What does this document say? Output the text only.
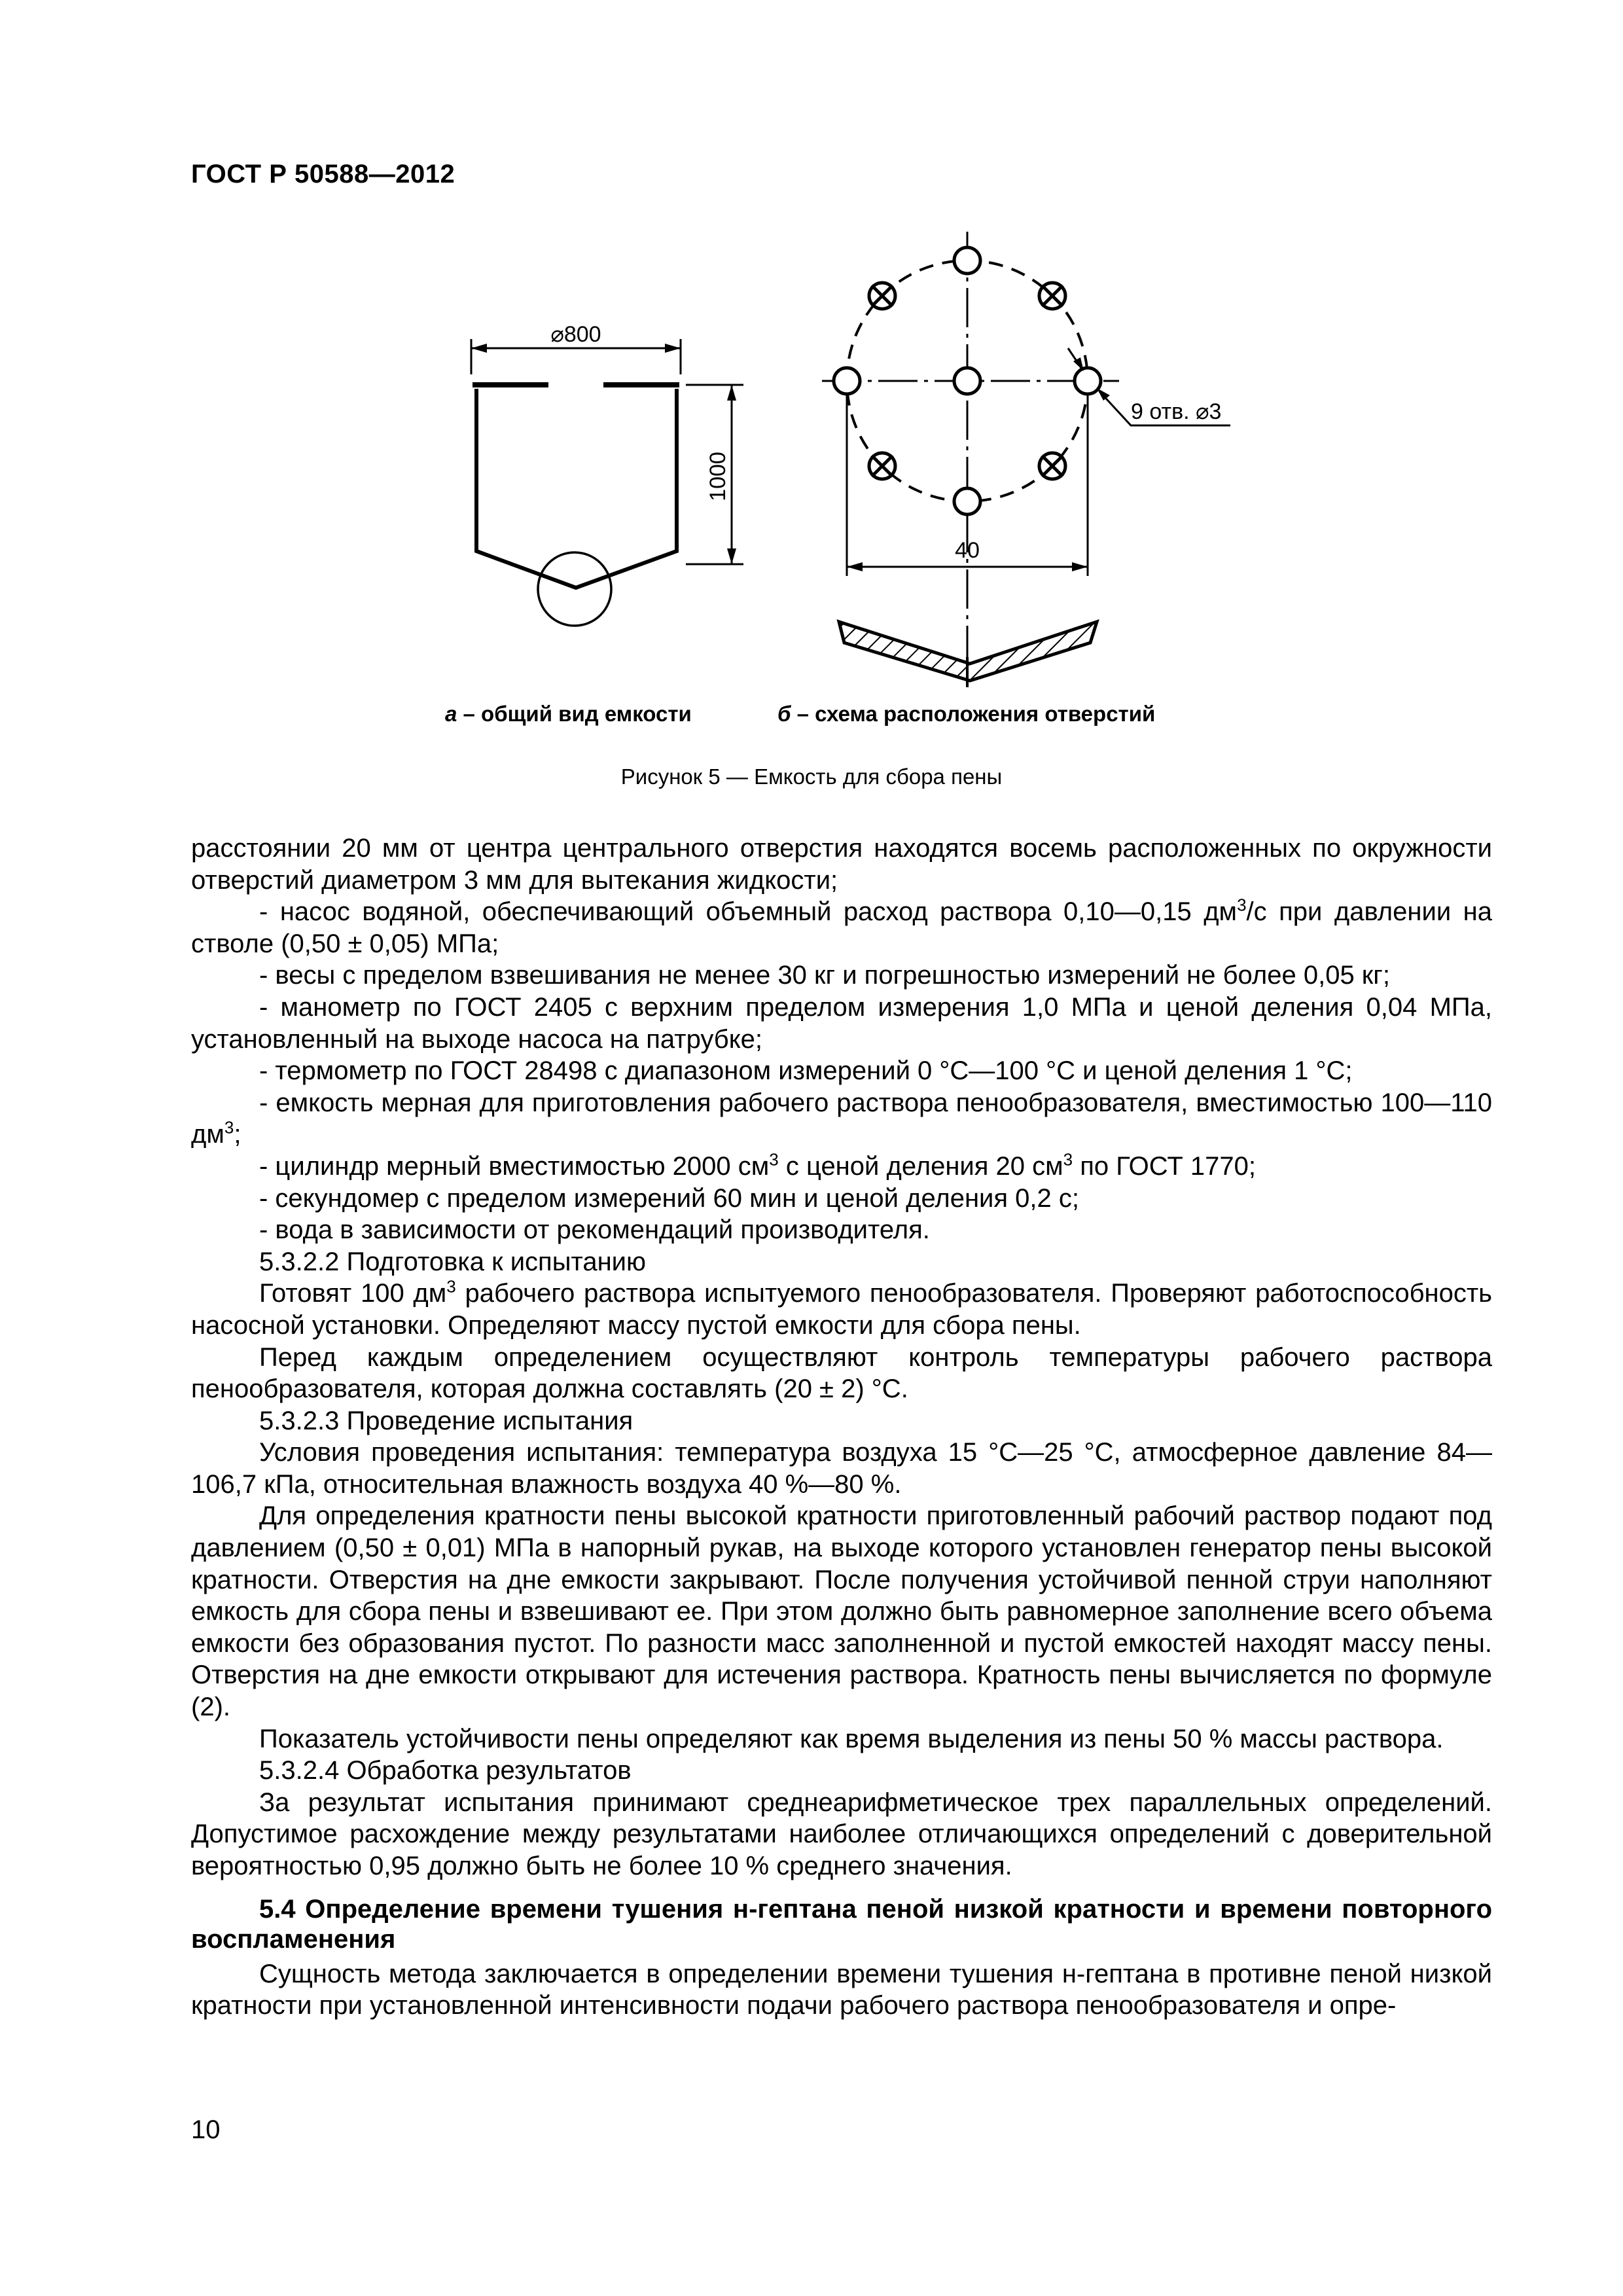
ГОСТ Р 50588—2012
⌀800
1000
9 отв. ⌀3
40
а – общий вид емкости	б – схема расположения отверстий
Рисунок 5 — Емкость для сбора пены

расстоянии 20 мм от центра центрального отверстия находятся восемь расположенных по окружности отверстий диаметром 3 мм для вытекания жидкости;

- насос водяной, обеспечивающий объемный расход раствора 0,10—0,15 $дм^3/с$ при давлении на стволе (0,50 ± 0,05) МПа;

- весы с пределом взвешивания не менее 30 кг и погрешностью измерений не более 0,05 кг;

- манометр по ГОСТ 2405 с верхним пределом измерения 1,0 МПа и ценой деления 0,04 МПа, установленный на выходе насоса на патрубке;

- термометр по ГОСТ 28498 с диапазоном измерений 0 °С—100 °С и ценой деления 1 °С;

- емкость мерная для приготовления рабочего раствора пенообразователя, вместимостью 100—110 $дм^3$;

- цилиндр мерный вместимостью 2000 $см^3$ с ценой деления 20 $см^3$ по ГОСТ 1770;

- секундомер с пределом измерений 60 мин и ценой деления 0,2 с;

- вода в зависимости от рекомендаций производителя.

5.3.2.2 Подготовка к испытанию

Готовят 100 $дм^3$ рабочего раствора испытуемого пенообразователя. Проверяют работоспособность насосной установки. Определяют массу пустой емкости для сбора пены.

Перед каждым определением осуществляют контроль температуры рабочего раствора пенообразователя, которая должна составлять (20 ± 2) °С.

5.3.2.3 Проведение испытания

Условия проведения испытания: температура воздуха 15 °С—25 °С, атмосферное давление 84—106,7 кПа, относительная влажность воздуха 40 %—80 %.

Для определения кратности пены высокой кратности приготовленный рабочий раствор подают под давлением (0,50 ± 0,01) МПа в напорный рукав, на выходе которого установлен генератор пены высокой кратности. Отверстия на дне емкости закрывают. После получения устойчивой пенной струи наполняют емкость для сбора пены и взвешивают ее. При этом должно быть равномерное заполнение всего объема емкости без образования пустот. По разности масс заполненной и пустой емкостей находят массу пены. Отверстия на дне емкости открывают для истечения раствора. Кратность пены вычисляется по формуле (2).

Показатель устойчивости пены определяют как время выделения из пены 50 % массы раствора.

5.3.2.4 Обработка результатов

За результат испытания принимают среднеарифметическое трех параллельных определений. Допустимое расхождение между результатами наиболее отличающихся определений с доверительной вероятностью 0,95 должно быть не более 10 % среднего значения.

5.4 Определение времени тушения н-гептана пеной низкой кратности и времени повторного воспламенения

Сущность метода заключается в определении времени тушения н-гептана в противне пеной низкой кратности при установленной интенсивности подачи рабочего раствора пенообразователя и опре-

10
